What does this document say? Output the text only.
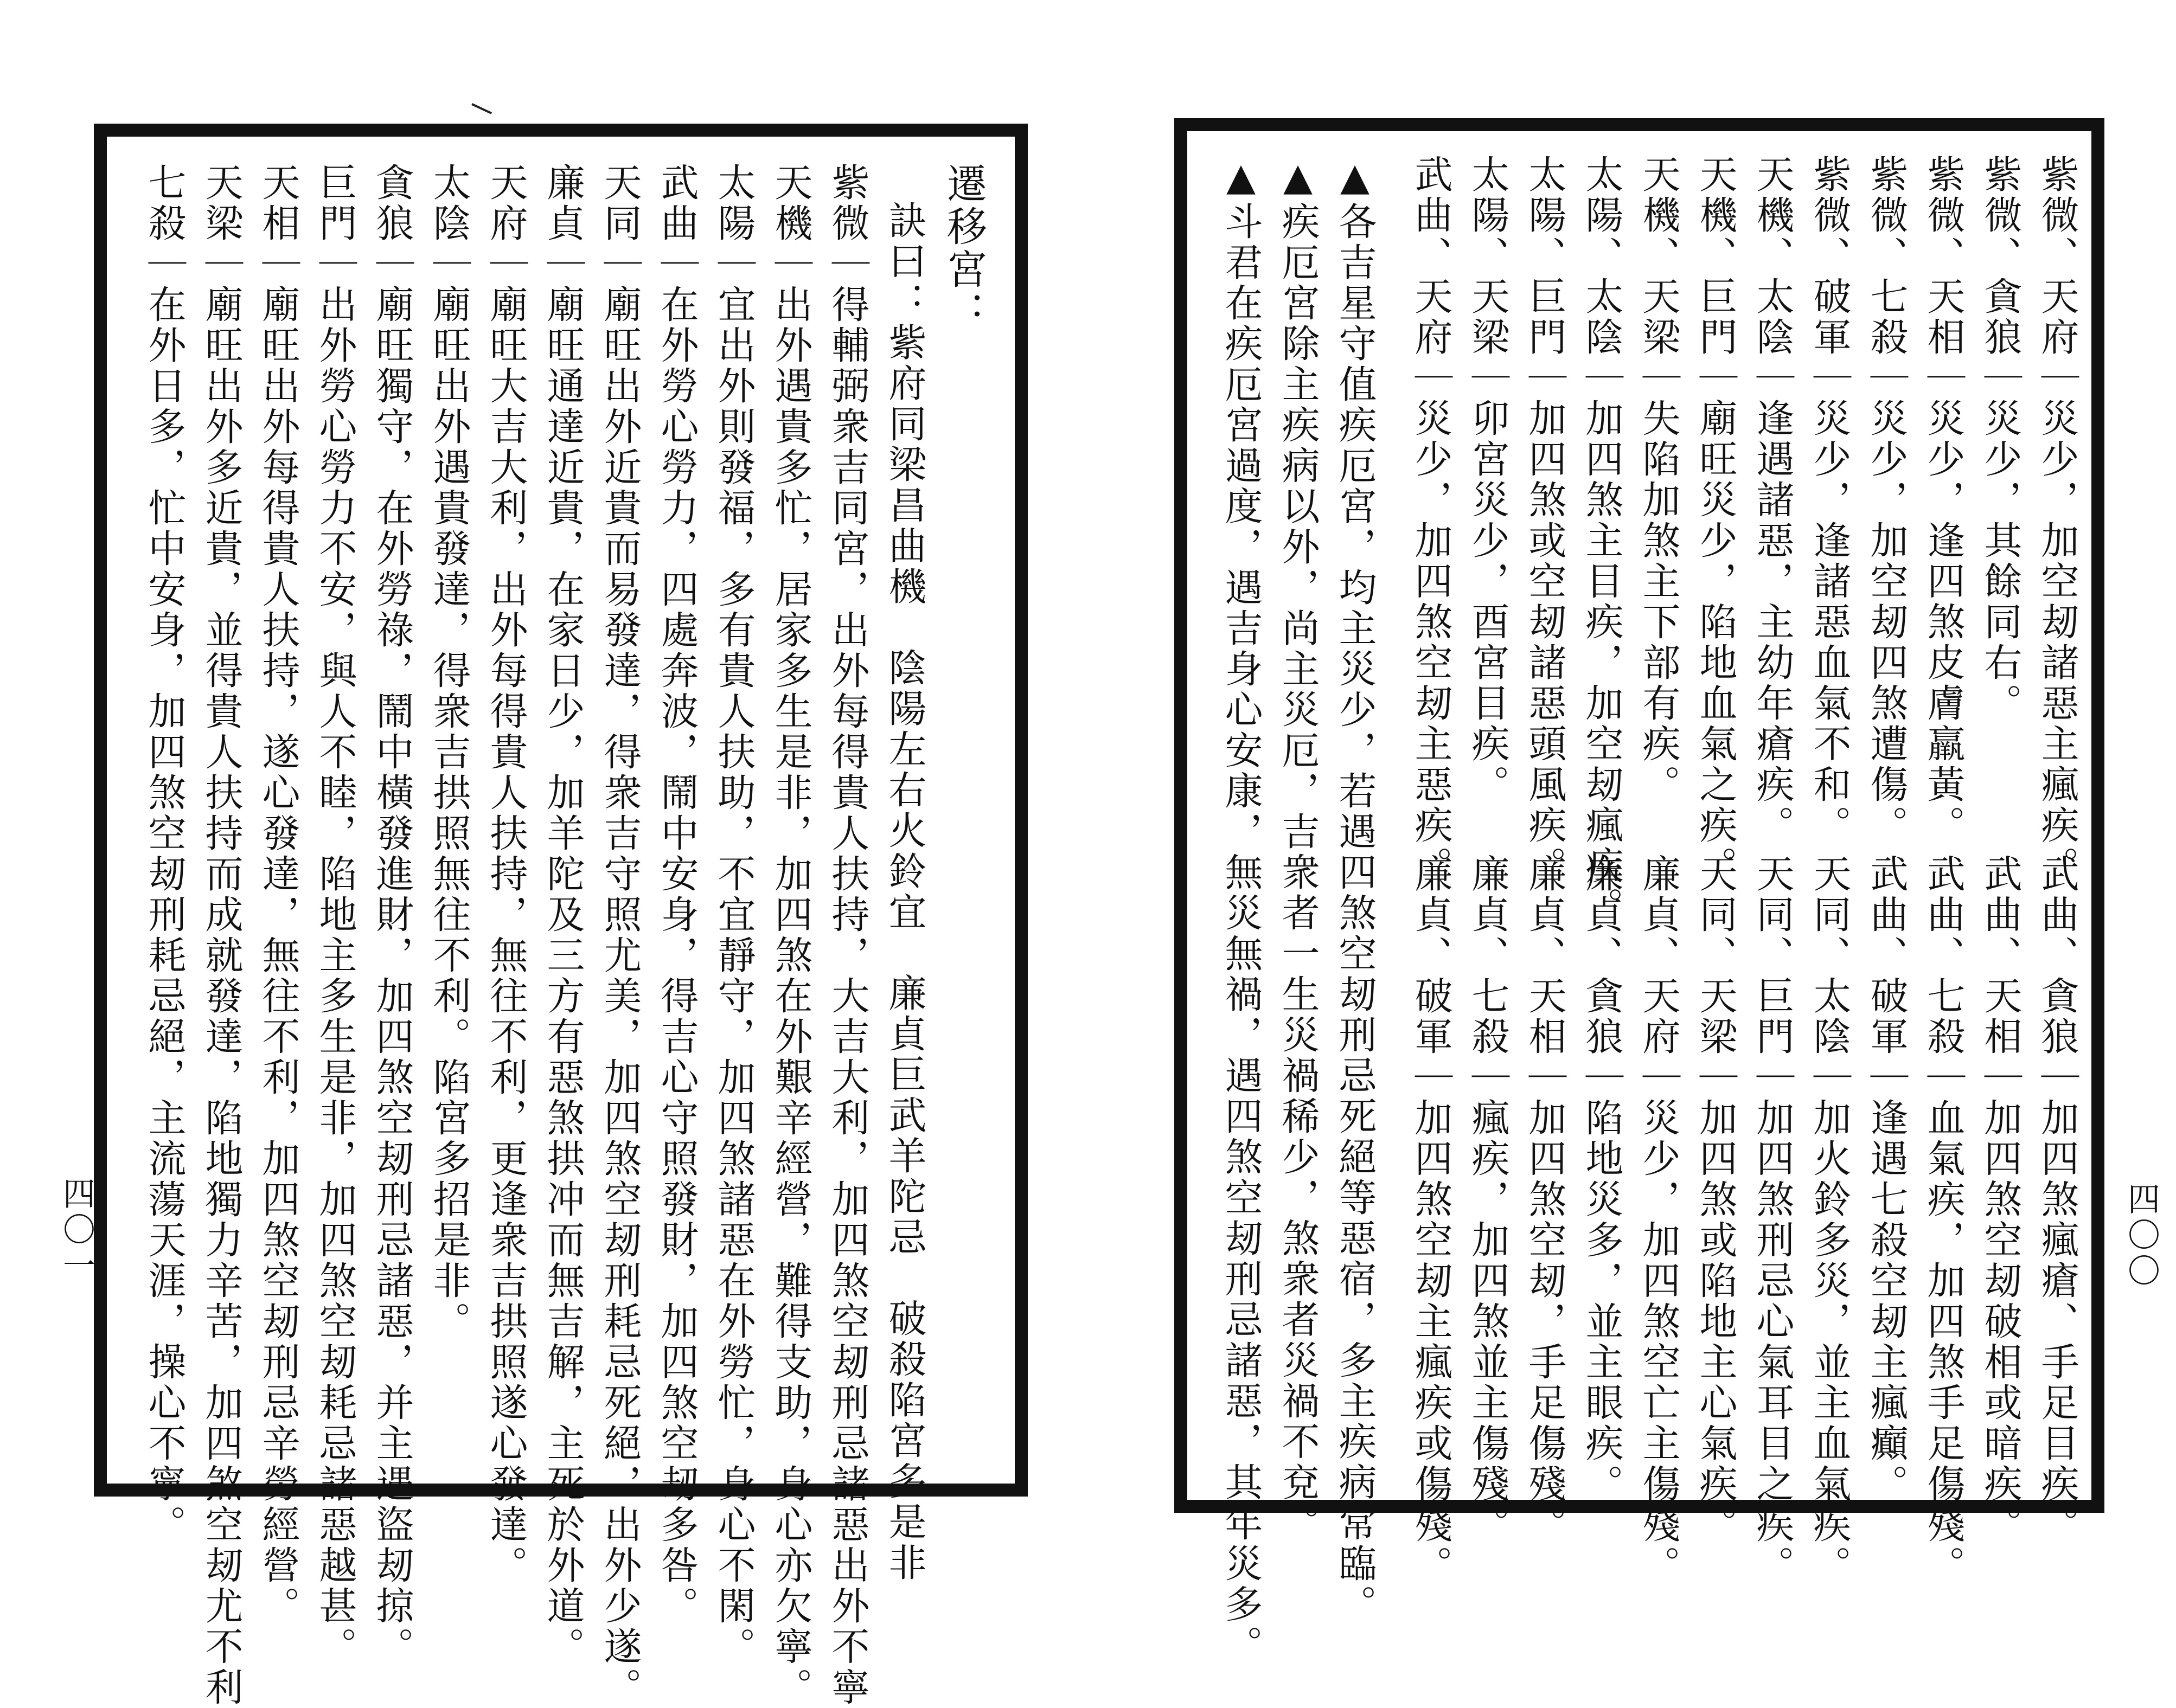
四〇〇
紫微、天府｜災少，加空刼諸惡主瘋疾。
紫微、貪狼｜災少，其餘同右。
紫微、天相｜災少，逢四煞皮膚羸黃。
紫微、七殺｜災少，加空刼四煞遭傷。
紫微、破軍｜災少，逢諸惡血氣不和。
天機、太陰｜逢遇諸惡，主幼年瘡疾。
天機、巨門｜廟旺災少，陷地血氣之疾。
天機、天梁｜失陷加煞主下部有疾。
太陽、太陰｜加四煞主目疾，加空刼瘋疾。
太陽、巨門｜加四煞或空刼諸惡頭風疾。
太陽、天梁｜卯宮災少，酉宮目疾。
武曲、天府｜災少，加四煞空刼主惡疾。
武曲、貪狼｜加四煞瘋瘡、手足目疾。
武曲、天相｜加四煞空刼破相或暗疾。
武曲、七殺｜血氣疾，加四煞手足傷殘。
武曲、破軍｜逢遇七殺空刼主瘋癲。
天同、太陰｜加火鈴多災，並主血氣疾。
天同、巨門｜加四煞刑忌心氣耳目之疾。
天同、天梁｜加四煞或陷地主心氣疾。
廉貞、天府｜災少，加四煞空亡主傷殘。
廉貞、貪狼｜陷地災多，並主眼疾。
廉貞、天相｜加四煞空刼，手足傷殘。
廉貞、七殺｜瘋疾，加四煞並主傷殘。
廉貞、破軍｜加四煞空刼主瘋疾或傷殘。
▲各吉星守值疾厄宮，均主災少，若遇四煞空刼刑忌死絕等惡宿，多主疾病常臨。
▲疾厄宮除主疾病以外，尚主災厄，吉衆者一生災禍稀少，煞衆者災禍不兗。
▲斗君在疾厄宮過度，遇吉身心安康，無災無禍，遇四煞空刼刑忌諸惡，其年災多。
四〇一
遷移宮：
訣曰：紫府同梁昌曲機　陰陽左右火鈴宜　廉貞巨武羊陀忌　破殺陷宮多是非
紫微｜得輔弼衆吉同宮，出外每得貴人扶持，大吉大利，加四煞空刼刑忌諸惡出外不寧
天機｜出外遇貴多忙，居家多生是非，加四煞在外艱辛經營，難得支助，身心亦欠寧。
太陽｜宜出外則發福，多有貴人扶助，不宜靜守，加四煞諸惡在外勞忙，身心不閑。
武曲｜在外勞心勞力，四處奔波，鬧中安身，得吉心守照發財，加四煞空刼多咎。
天同｜廟旺出外近貴而易發達，得衆吉守照尤美，加四煞空刼刑耗忌死絕，出外少遂。
廉貞｜廟旺通達近貴，在家日少，加羊陀及三方有惡煞拱冲而無吉解，主死於外道。
天府｜廟旺大吉大利，出外每得貴人扶持，無往不利，更逢衆吉拱照遂心發達。
太陰｜廟旺出外遇貴發達，得衆吉拱照無往不利。陷宮多招是非。
貪狼｜廟旺獨守，在外勞祿，鬧中橫發進財，加四煞空刼刑忌諸惡，并主遇盜刼掠。
巨門｜出外勞心勞力不安，與人不睦，陷地主多生是非，加四煞空刼耗忌諸惡越甚。
天相｜廟旺出外每得貴人扶持，遂心發達，無往不利，加四煞空刼刑忌辛勞經營。
天梁｜廟旺出外多近貴，並得貴人扶持而成就發達，陷地獨力辛苦，加四煞空刼尤不利
七殺｜在外日多，忙中安身，加四煞空刼刑耗忌絕，主流蕩天涯，操心不寧。
